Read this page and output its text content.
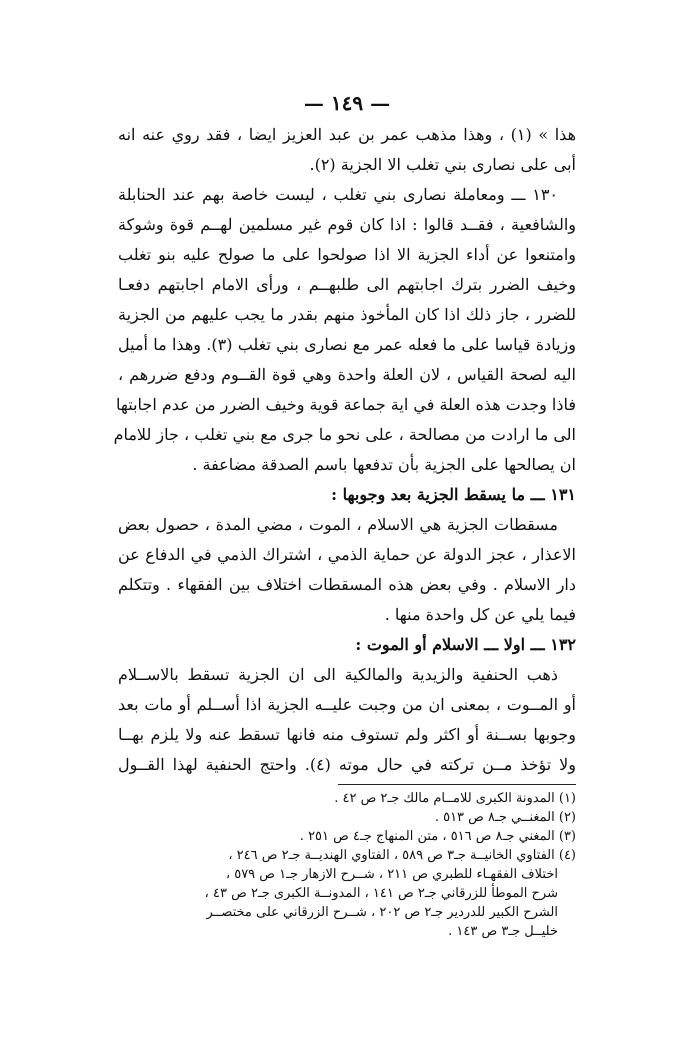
— ١٤٩ —
هذا » (١) ، وهذا مذهب عمر بن عبد العزيز ايضا ، فقد روي عنه انه
أبى على نصارى بني تغلب الا الجزية (٢).
١٣٠ ـــ ومعاملة نصارى بني تغلب ، ليست خاصة بهم عند الحنابلة
والشافعية ، فقــد قالوا : اذا كان قوم غير مسلمين لهــم قوة وشوكة
وامتنعوا عن أداء الجزية الا اذا صولحوا على ما صولح عليه بنو تغلب
وخيف الضرر بترك اجابتهم الى طلبهــم ، ورأى الامام اجابتهم دفعـا
للضرر ، جاز ذلك اذا كان المأخوذ منهم بقدر ما يجب عليهم من الجزية
وزيادة قياسا على ما فعله عمر مع نصارى بني تغلب (٣). وهذا ما أميل
اليه لصحة القياس ، لان العلة واحدة وهي قوة القــوم ودفع ضررهم ،
فاذا وجدت هذه العلة في اية جماعة قوية وخيف الضرر من عدم اجابتها
الى ما ارادت من مصالحة ، على نحو ما جرى مع بني تغلب ، جاز للامام
ان يصالحها على الجزية بأن تدفعها باسم الصدقة مضاعفة .
١٣١ ـــ ما يسقط الجزية بعد وجوبها :
مسقطات الجزية هي الاسلام ، الموت ، مضي المدة ، حصول بعض
الاعذار ، عجز الدولة عن حماية الذمي ، اشتراك الذمي في الدفاع عن
دار الاسلام . وفي بعض هذه المسقطات اختلاف بين الفقهاء . وتتكلم
فيما يلي عن كل واحدة منها .
١٣٢ ـــ اولا ـــ الاسلام أو الموت :
ذهب الحنفية والزيدية والمالكية الى ان الجزية تسقط بالاســلام
أو المــوت ، بمعنى ان من وجبت عليــه الجزية اذا أســلم أو مات بعد
وجوبها بســنة أو اكثر ولم تستوف منه فانها تسقط عنه ولا يلزم بهــا
ولا تؤخذ مــن تركته في حال موته (٤). واحتج الحنفية لهذا القــول
(١) المدونة الكبرى للامــام مالك جـ٢ ص ٤٢ .
(٢) المغنــي جـ٨ ص ٥١٣ .
(٣) المغني جـ٨ ص ٥١٦ ، متن المنهاج جـ٤ ص ٢٥١ .
(٤) الفتاوي الخانيــة جـ٣ ص ٥٨٩ ، الفتاوي الهنديــة جـ٢ ص ٢٤٦ ،
اختلاف الفقهـاء للطبري ص ٢١١ ، شــرح الازهار جـ١ ص ٥٧٩ ،
شرح الموطأ للزرقاني جـ٢ ص ١٤١ ، المدونــة الكبرى جـ٢ ص ٤٣ ،
الشرح الكبير للدردير جـ٢ ص ٢٠٢ ، شــرح الزرقاني على مختصــر
خليــل جـ٣ ص ١٤٣ .
